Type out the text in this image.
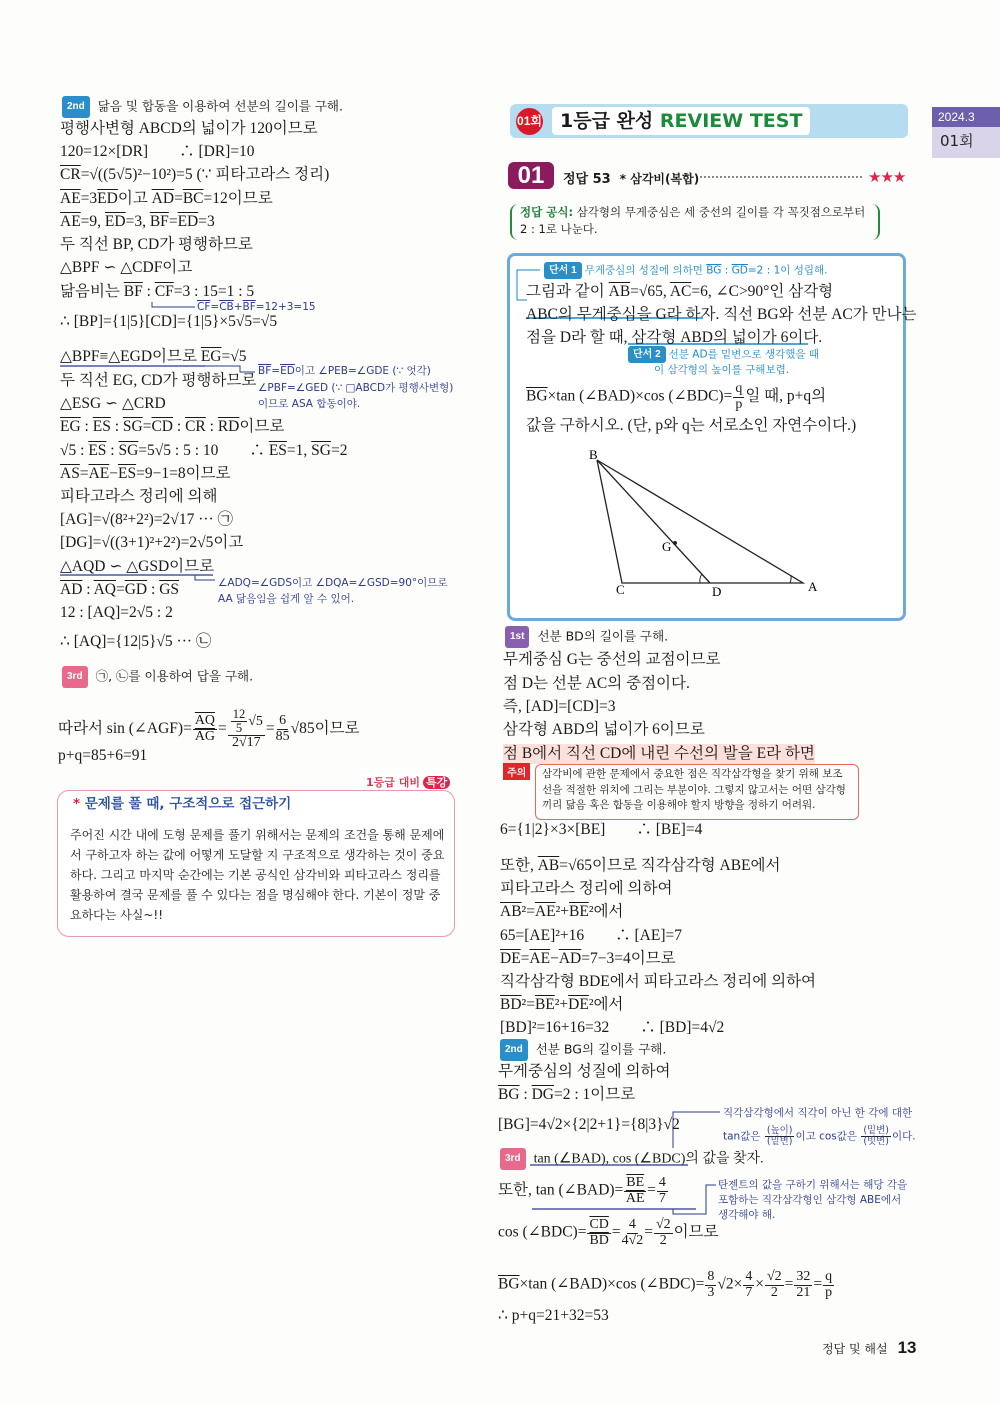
01회 1등급 완성 REVIEW TEST	2024.3
01회
01	정답 53 * 삼각비(복합)	★★★
정답 공식: 삼각형의 무게중심은 세 중선의 길이를 각 꼭짓점으로부터 2 : 1로 나눈다.
B
C	D	A
G
단서 1 무게중심의 성질에 의하면 $\overline{BG}$ : $\overline{GD}=2$ : 1이 성립해.
그림과 같이 $\overline{AB}=√65$, $\overline{AC}=6$, ∠C>90°인 삼각형
ABC의 무게중심을 G라 하자. 직선 BG와 선분 AC가 만나는
점을 D라 할 때, 삼각형 ABD의 넓이가 6이다.
$\overline{BG}\times\tan$ (∠BAD)×cos (∠BDC)= $\frac{q}{p}$ 일 때, p+q의
값을 구하시오. (단, p와 q는 서로소인 자연수이다.)
단서 2 선분 AD를 밑변으로 생각했을 때
이 삼각형의 높이를 구해보렴.
2nd 닮음 및 합동을 이용하여 선분의 길이를 구해.
평행사변형 ABCD의 넓이가 120이므로
120=12×[DR]　　∴ [DR]=10
$\overline{CR}=√((5√5)^2-10^2)=5$ (∵ 피타고라스 정리)
$\overline{AE}=3\overline{ED}$이고 $\overline{AD}=\overline{BC}=12$이므로
$\overline{AE}=9$, $\overline{ED}=3$, $\overline{BF}=\overline{ED}=3$
두 직선 BP, CD가 평행하므로
△BPF ∽ △CDF이고
닮음비는 $\overline{BF}$ : $\overline{CF}=3$ : 15=1 : 5
∴ [BP]={1|5}[CD]={1|5}×5√5=√5
△BPF≡△EGD이므로 $\overline{EG}=√5$
두 직선 EG, CD가 평행하므로
△ESG ∽ △CRD
$\overline{EG}$ : $\overline{ES}$ : $\overline{SG}=\overline{CD}$ : $\overline{CR}$ : $\overline{RD}$이므로
√5 : $\overline{ES}$ : $\overline{SG}=5√5$ : 5 : 10　　∴ $\overline{ES}=1$, $\overline{SG}=2$
$\overline{AS}=\overline{AE}-\overline{ES}=9-1=8$이므로
피타고라스 정리에 의해
[AG]=√(8²+2²)=2√17 ··· ㉠
[DG]=√((3+1)²+2²)=2√5이고
△AQD ∽ △GSD이므로
$\overline{AD}$ : $\overline{AQ}=\overline{GD}$ : $\overline{GS}$
12 : [AQ]=2√5 : 2
∴ [AQ]={12|5}√5 ··· ㉡
$\overline{CF}=\overline{CB}+\overline{BF}=12+3=15$
$\overline{BF}=\overline{ED}$이고 ∠PEB=∠GDE (∵ 엇각)
∠PBF=∠GED (∵ □ABCD가 평행사변형)
이므로 ASA 합동이야.
∠ADQ=∠GDS이고 ∠DQA=∠GSD=90°이므로
AA 닮음임을 쉽게 알 수 있어.
따라서 sin (∠AGF)= $\frac{\overline{AQ}}{AG} = \frac{\frac{12}{5} √5}{2√17} = \frac{6}{85} √85$이므로
p+q=85+6=91
3rd ㉠, ㉡를 이용하여 답을 구해.
1등급 대비 특강
* 문제를 풀 때, 구조적으로 접근하기
주어진 시간 내에 도형 문제를 풀기 위해서는 문제의 조건을 통해 문제에서 구하고자 하는 값에 어떻게 도달할 지 구조적으로 생각하는 것이 중요하다. 그리고 마지막 순간에는 기본 공식인 삼각비와 피타고라스 정리를 활용하여 결국 문제를 풀 수 있다는 점을 명심해야 한다. 기본이 정말 중요하다는 사실~!!
1st 선분 BD의 길이를 구해.
무게중심 G는 중선의 교점이므로
점 D는 선분 AC의 중점이다.
즉, [AD]=[CD]=3
삼각형 ABD의 넓이가 6이므로
점 B에서 직선 CD에 내린 수선의 발을 E라 하면
6={1|2}×3×[BE]　　∴ [BE]=4
또한, $\overline{AB}=√65$이므로 직각삼각형 ABE에서
피타고라스 정리에 의하여
$\overline{AB}^2=\overline{AE}^2+\overline{BE}^2$에서
65=[AE]²+16　　∴ [AE]=7
$\overline{DE}=\overline{AE}-\overline{AD}=7-3=4$이므로
직각삼각형 BDE에서 피타고라스 정리에 의하여
$\overline{BD}^2=\overline{BE}^2+\overline{DE}^2$에서
[BD]²=16+16=32　　∴ [BD]=4√2
무게중심의 성질에 의하여
$\overline{BG}$ : $\overline{DG}=2$ : 1이므로
[BG]=4√2×{2|2+1}={8|3}√2
또한, tan (∠BAD)= $\frac{\overline{BE}}{AE} = \frac{4}{7}$
cos (∠BDC)= $\frac{\overline{CD}}{BD} = \frac{4}{4√2} = \frac{√2}{2}$ 이므로
$\overline{BG}\times\tan$ (∠BAD)×cos (∠BDC)= $\frac{8}{3} √2\times \frac{4}{7} \times \frac{√2}{2} = \frac{32}{21} = \frac{q}{p}$
∴ p+q=21+32=53
직각삼각형에서 직각이 아닌 한 각에 대한
tan값은 (높이)
(밑변) 이고 cos값은 (밑변)
(빗변) 이다.
탄젠트의 값을 구하기 위해서는 해당 각을
포함하는 직각삼각형인 삼각형 ABE에서
생각해야 해.
주의	삼각비에 관한 문제에서 중요한 점은 직각삼각형을 찾기 위해 보조선을 적절한 위치에 그리는 부분이야. 그렇지 않고서는 어떤 삼각형끼리 닮음 혹은 합동을 이용해야 할지 방향을 정하기 어려워.
2nd 선분 BG의 길이를 구해.
3rd tan (∠BAD), cos (∠BDC)의 값을 찾자.
정답 및 해설 13
